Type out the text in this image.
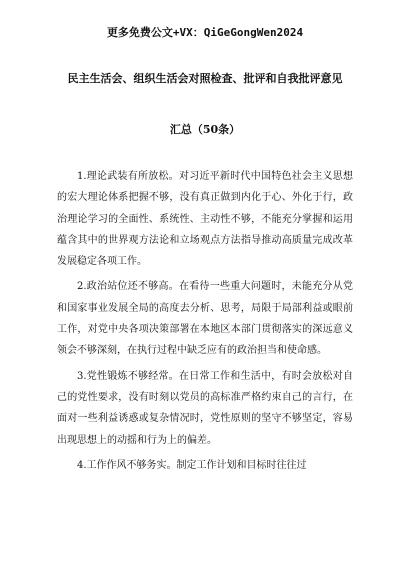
更多免费公文+VX：QiGeGongWen2024
民主生活会、组织生活会对照检查、批评和自我批评意见
汇总（50条）

1.理论武装有所放松。对习近平新时代中国特色社会主义思想的宏大理论体系把握不够，没有真正做到内化于心、外化于行，政治理论学习的全面性、系统性、主动性不够，不能充分掌握和运用蕴含其中的世界观方法论和立场观点方法指导推动高质量完成改革发展稳定各项工作。

2.政治站位还不够高。在看待一些重大问题时，未能充分从党和国家事业发展全局的高度去分析、思考，局限于局部利益或眼前工作，对党中央各项决策部署在本地区本部门贯彻落实的深远意义领会不够深刻，在执行过程中缺乏应有的政治担当和使命感。

3.党性锻炼不够经常。在日常工作和生活中，有时会放松对自己的党性要求，没有时刻以党员的高标准严格约束自己的言行，在面对一些利益诱惑或复杂情况时，党性原则的坚守不够坚定，容易出现思想上的动摇和行为上的偏差。

4.工作作风不够务实。制定工作计划和目标时往往过
